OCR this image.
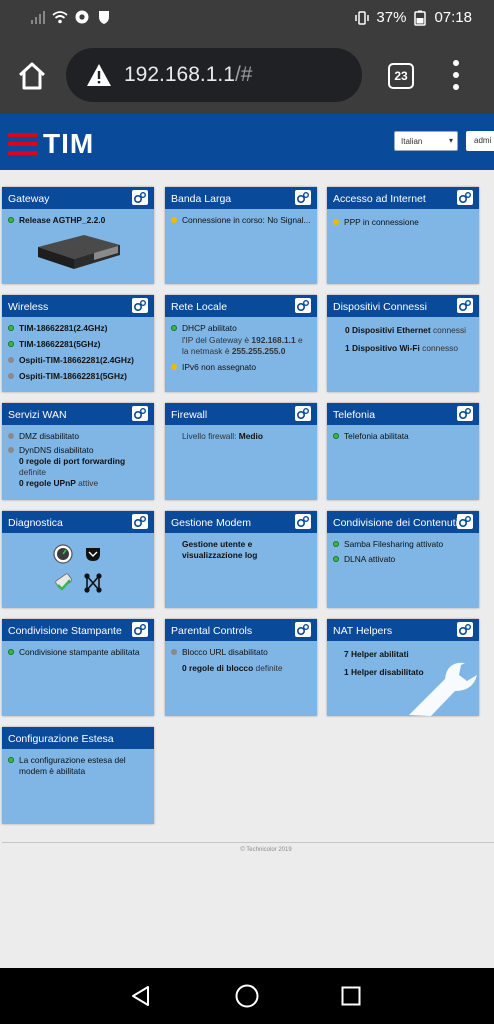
37% 07:18
192.168.1.1/#	23
TIM	Italian	▾	admi
Gateway
Release AGTHP_2.2.0
Banda Larga
Connessione in corso: No Signal...
Accesso ad Internet
PPP in connessione
Wireless
TIM-18662281(2.4GHz)
TIM-18662281(5GHz)
Ospiti-TIM-18662281(2.4GHz)
Ospiti-TIM-18662281(5GHz)
Rete Locale
DHCP abilitato
l'IP del Gateway è 192.168.1.1 e la netmask è 255.255.255.0
IPv6 non assegnato
Dispositivi Connessi
0 Dispositivi Ethernet connessi
1 Dispositivo Wi-Fi connesso
Servizi WAN
DMZ disabilitato
DynDNS disabilitato
0 regole di port forwarding definite
0 regole UPnP attive
Firewall
Livello firewall: Medio
Telefonia
Telefonia abilitata
Diagnostica	Gestione Modem
Gestione utente e visualizzazione log
Condivisione dei Contenuti
Samba Filesharing attivato
DLNA attivato
Condivisione Stampante
Condivisione stampante abilitata
Parental Controls
Blocco URL disabilitato
0 regole di blocco definite
NAT Helpers
7 Helper abilitati
1 Helper disabilitato
Configurazione Estesa
La configurazione estesa del modem è abilitata
© Technicolor 2019
